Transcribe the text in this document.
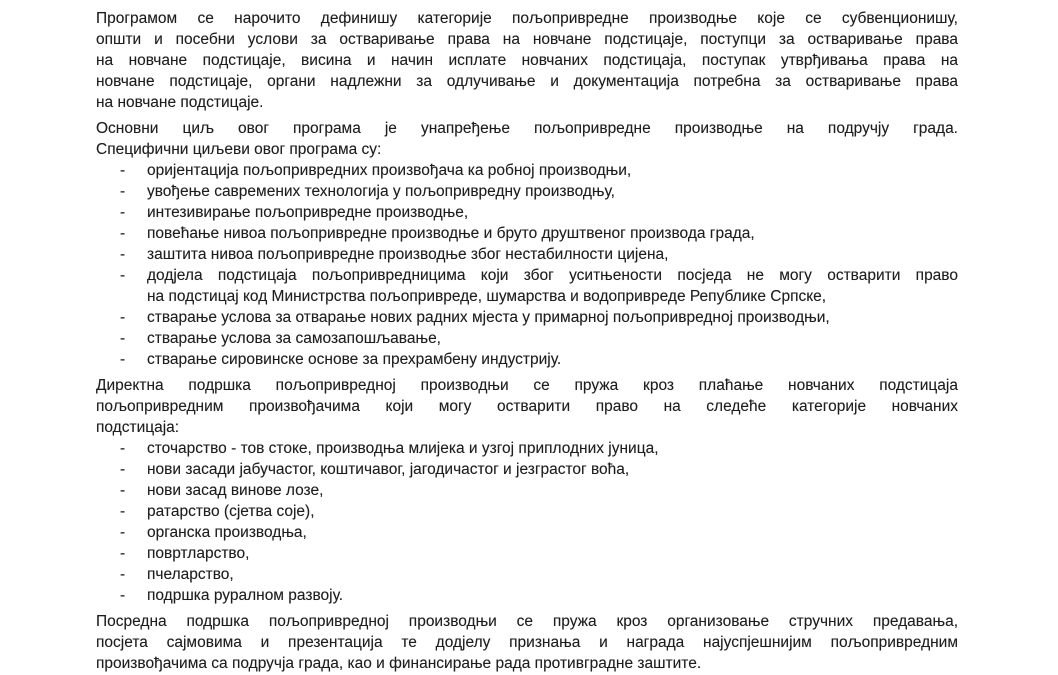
Програмом се нарочито дефинишу категорије пољопривредне производње које се субвенционишу,
општи и посебни услови за остваривање права на новчане подстицаје, поступци за остваривање права
на новчане подстицаје, висина и начин исплате новчаних подстицаја, поступак утврђивања права на
новчане подстицаје, органи надлежни за одлучивање и документација потребна за остваривање права
на новчане подстицаје.
Основни циљ овог програма је унапређење пољопривредне производње на подручју града.
Специфични циљеви овог програма су:
- оријентација пољопривредних произвођача ка робној производњи,
- увођење савремених технологија у пољопривредну производњу,
- интезивирање пољопривредне производње,
- повећање нивоа пољопривредне производње и бруто друштвеног производа града,
- заштита нивоа пољопривредне производње због нестабилности цијена,
- додјела подстицаја пољопривредницима који због уситњености посједа не могу остварити право
на подстицај код Министрства пољопривреде, шумарства и водопривреде Републике Српске,
- стварање услова за отварање нових радних мјеста у примарној пољопривредној производњи,
- стварање услова за самозапошљавање,
- стварање сировинске основе за прехрамбену индустрију.
Директна подршка пољопривредној производњи се пружа кроз плаћање новчаних подстицаја
пољопривредним произвођачима који могу остварити право на следеће категорије новчаних
подстицаја:
- сточарство - тов стоке, производња млијека и узгој приплодних јуница,
- нови засади јабучастог, коштичавог, јагодичастог и језграстог воћа,
- нови засад винове лозе,
- ратарство (сјетва соје),
- органска производња,
- повртларство,
- пчеларство,
- подршка руралном развоју.
Посредна подршка пољопривредној производњи се пружа кроз организовање стручних предавања,
посјета сајмовима и презентација те додјелу признања и награда најуспјешнијим пољопривредним
произвођачима са подручја града, као и финансирање рада противградне заштите.
